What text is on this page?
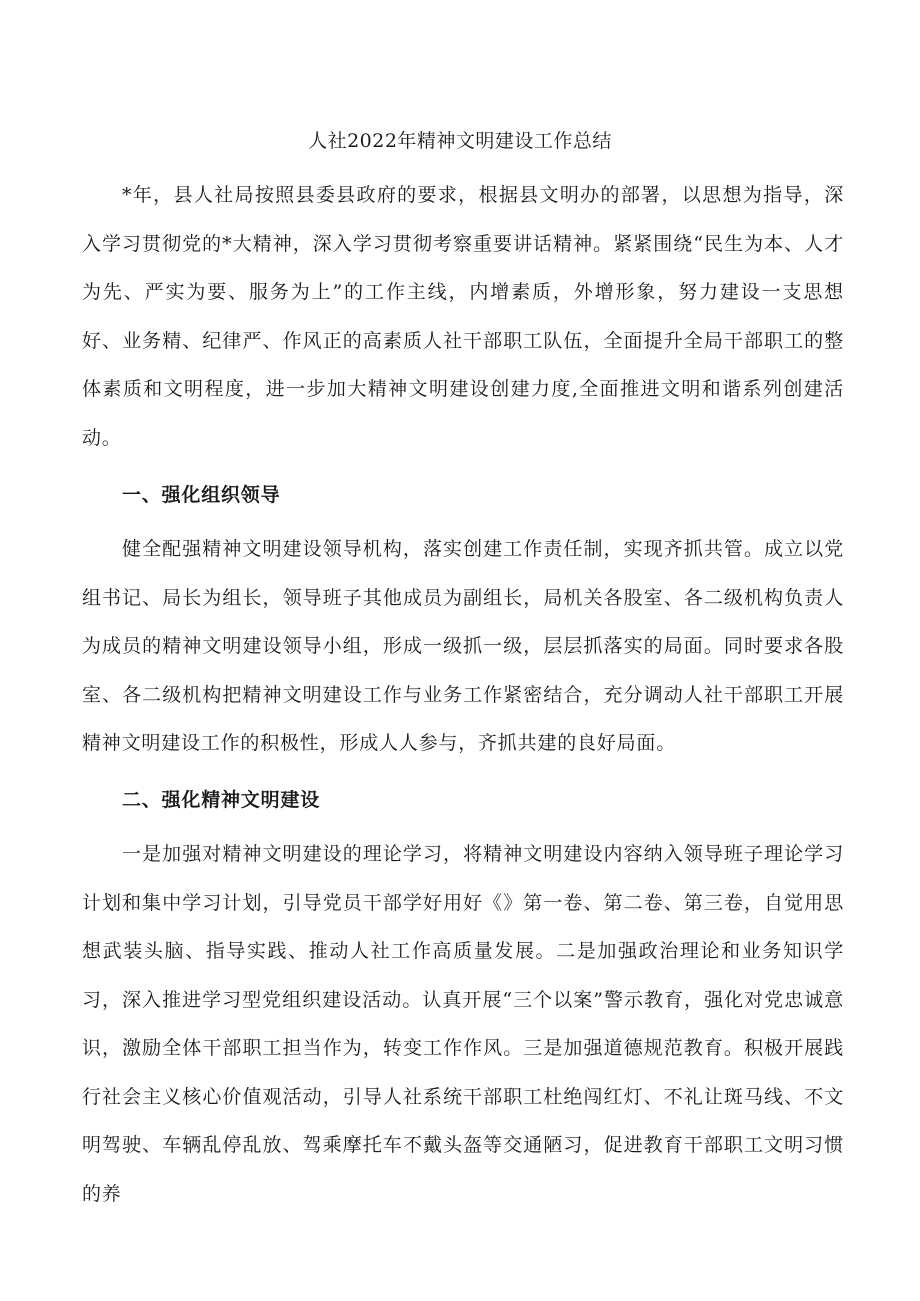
人社2022年精神文明建设工作总结

*年，县人社局按照县委县政府的要求，根据县文明办的部署，以思想为指导，深入学习贯彻党的*大精神，深入学习贯彻考察重要讲话精神。紧紧围绕“民生为本、人才为先、严实为要、服务为上”的工作主线，内增素质，外增形象，努力建设一支思想好、业务精、纪律严、作风正的高素质人社干部职工队伍，全面提升全局干部职工的整体素质和文明程度，进一步加大精神文明建设创建力度,全面推进文明和谐系列创建活动。

一、强化组织领导

健全配强精神文明建设领导机构，落实创建工作责任制，实现齐抓共管。成立以党组书记、局长为组长，领导班子其他成员为副组长，局机关各股室、各二级机构负责人为成员的精神文明建设领导小组，形成一级抓一级，层层抓落实的局面。同时要求各股室、各二级机构把精神文明建设工作与业务工作紧密结合，充分调动人社干部职工开展精神文明建设工作的积极性，形成人人参与，齐抓共建的良好局面。

二、强化精神文明建设

一是加强对精神文明建设的理论学习，将精神文明建设内容纳入领导班子理论学习计划和集中学习计划，引导党员干部学好用好《》第一卷、第二卷、第三卷，自觉用思想武装头脑、指导实践、推动人社工作高质量发展。二是加强政治理论和业务知识学习，深入推进学习型党组织建设活动。认真开展“三个以案”警示教育，强化对党忠诚意识，激励全体干部职工担当作为，转变工作作风。三是加强道德规范教育。积极开展践行社会主义核心价值观活动，引导人社系统干部职工杜绝闯红灯、不礼让斑马线、不文明驾驶、车辆乱停乱放、驾乘摩托车不戴头盔等交通陋习，促进教育干部职工文明习惯的养
